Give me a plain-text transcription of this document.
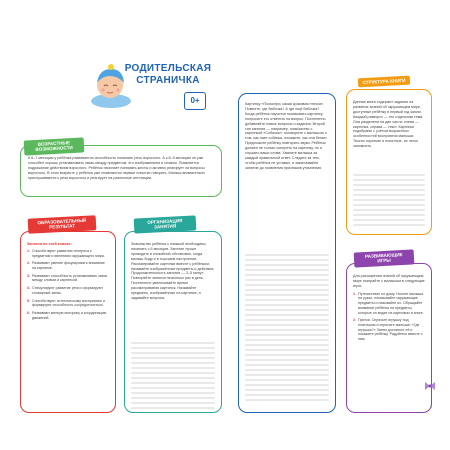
РОДИТЕЛЬСКАЯ СТРАНИЧКА
0+
ВОЗРАСТНЫЕ ВОЗМОЖНОСТИ

К 6–7 месяцам у ребёнка развивается способность понимать речь взрослого. А к 8–9 месяцам он уже способен хорошо устанавливать связь между предметом, его изображением и словом. Появляется подражание действиям взрослого. Ребёнок начинает понимать жесты и активно реагирует на вопросы взрослого. В этом возрасте у ребёнка уже появляются первые попытки говорить. Малыш внимательно прислушивается к речи взрослого и реагирует на различные интонации.

ОБРАЗОВАТЕЛЬНЫЙ РЕЗУЛЬТАТ

Занятия по этой книжке:

1. Способствуют развитию интереса к предметам и явлениям окружающего мира.
2. Развивают умение фокусировать внимание на картинке.
3. Развивают способность устанавливать связь между словом и картинкой.
4. Стимулируют развитие речи и формируют словарный запас.
5. Способствуют эстетическому восприятию и формируют способность сосредоточиться.
6. Развивают мелкую моторику и координацию движений.
ОРГАНИЗАЦИЯ ЗАНЯТИЯ

Знакомство ребёнка с книжкой необходимо начинать с 6 месяцев. Занятие лучше проводить в спокойной обстановке, когда малыш бодр и в хорошем настроении. Рассматривайте картинки вместе с ребёнком, называйте изображённые предметы и действия. Продолжительность занятия — 3–5 минут. Повторяйте занятия несколько раз в день. Постепенно увеличивайте время рассматривания картинок. Называйте предметы, изображённые на картинке, и задавайте вопросы.

Картинку «Посмотри, какая красивая птичка». Помните, где бабочка? А где ещё бабочка? Когда ребёнок научится показывать картинку, попросите его ответить на вопрос. Постепенно добавляйте новые вопросы и задания. Второй тип занятия — например, знакомство с картинкой «Собачка»: поговорите с малышом о том, как лает собачка, покажите, как она бегает. Предложите ребёнку повторить звуки. Ребёнок должен не только смотреть на картинку, но и слушать ваши слова. Хвалите малыша за каждый правильный ответ. Следите за тем, чтобы ребёнок не уставал, и заканчивайте занятие до появления признаков утомления.

СТРУКТУРА КНИГИ

Данная книга содержит задания на развитие знаний об окружающем мире, доступные ребёнку в первый год жизни. Каждый разворот — это отдельная тема. Она разделена на две части: слева — картинка, справа — текст. Картинки подобраны с учётом возрастных особенностей восприятия малыша. Тексты короткие и понятные, их легко запомнить.

РАЗВИВАЮЩИЕ ИГРЫ

Для расширения знаний об окружающем мире поиграйте с малышом в следующие игры:

1. Путешествие по дому. Носите малыша на руках, показывайте окружающие предметы и называйте их. Обращайте внимание ребёнка на предметы, которые он видит на картинках в книге.
2. Прятки. Спрячьте игрушку под платочком и спросите малыша: «Где игрушка?» Затем достаньте её и покажите ребёнку. Радуйтесь вместе с ним.
1	2
